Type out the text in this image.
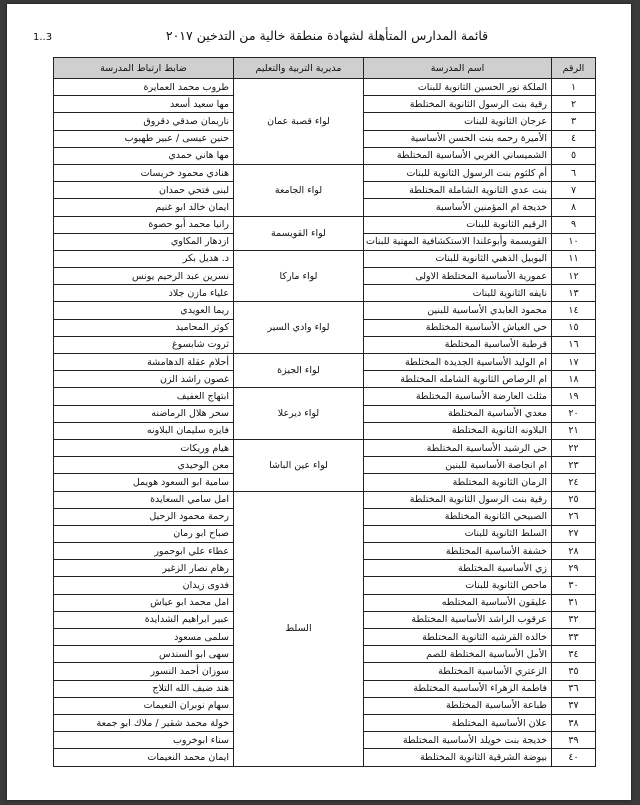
قائمة المدارس المتأهلة لشهادة منطقة خالية من التدخين ٢٠١٧
1..3
الرقم	اسم المدرسة	مديرية التربية والتعليم	ضابط ارتباط المدرسة
١	الملكة نور الحسين الثانوية للبنات	لواء قصبة عمان	طروب محمد العمايرة
٢	رقية بنت الرسول الثانوية المختلطة		مها سعيد أسعد
٣	عرجان الثانوية للبنات		ناريمان صدقي دقروق
٤	الأميرة رحمه بنت الحسن الأساسية		حنين عيسى / عبير طهبوب
٥	الشميساني الغربي الأساسية المختلطة		مها هاني حمدي
٦	أم كلثوم بنت الرسول الثانوية للبنات	لواء الجامعة	هنادي محمود خريسات
٧	بنت عدي الثانوية الشاملة المختلطة		لبنى فتحي حمدان
٨	خديجة ام المؤمنين الأساسية		ايمان خالد ابو غنيم
٩	الرقيم الثانوية للبنات	لواء القويسمة	رانيا محمد أبو حصوة
١٠	القويسمة وأبوعلندا الاستكشافية المهنية للبنات		ازدهار المكاوي
١١	اليوبيل الذهبي الثانوية للبنات	لواء ماركا	د. هديل بكر
١٢	عمورية الأساسية المختلطة الاولى		نسرين عبد الرحيم يونس
١٣	نايفه الثانوية للبنات		علياء مازن جلاد
١٤	محمود العابدي الأساسية للبنين	لواء وادي السير	ريما العويدي
١٥	حي العياش الأساسية المختلطة		كوثر المحاميد
١٦	قرطبة الأساسية المختلطة		ثروت شابسوغ
١٧	ام الوليد الأساسية الجديدة المختلطة	لواء الجيزة	أحلام عقلة الدهامشة
١٨	ام الرصاص الثانوية الشامله المختلطة		غصون راشد الزن
١٩	مثلث العارضة الأساسية المختلطة	لواء ديرعلا	ابتهاج العفيف
٢٠	معدي الأساسية المختلطة		سحر هلال الرماضنه
٢١	البلاونه الثانوية المختلطة		فايزه سليمان البلاونه
٢٢	حي الرشيد الأساسية المختلطة	لواء عين الباشا	هيام وريكات
٢٣	ام انجاصة الأساسية للبنين		معن الوحيدي
٢٤	الرمان الثانوية المختلطة		سامية ابو السعود هويمل
٢٥	رقية بنت الرسول الثانوية المختلطة	السلط	امل سامي السعايدة
٢٦	الصبيحي الثانوية المختلطة		رحمة محمود الرحيل
٢٧	السلط الثانوية للبنات		صباح ابو رمان
٢٨	خشفة الأساسية المختلطة		عطاء علي ابوحمور
٢٩	زي الأساسية المختلطة		رهام نصار الزغير
٣٠	ماحص الثانوية للبنات		فدوى زيدان
٣١	عليقون الأساسية المختلطه		امل محمد ابو عياش
٣٢	عرقوب الراشد الأساسية المختلطة		عبير ابراهيم الشدايدة
٣٣	خالده القرشيه الثانوية المختلطة		سلمى مسعود
٣٤	الأمل الأساسية المختلطة للصم		سهى ابو السندس
٣٥	الزعتري الأساسية المختلطة		سوزان أحمد النسور
٣٦	فاطمة الزهراء الأساسية المختلطة		هند ضيف الله التلاج
٣٧	طباعة الأساسية المختلطة		سهام نوبران النعيمات
٣٨	علان الأساسية المختلطة		خولة محمد شقير / ملاك ابو جمعة
٣٩	خديجة بنت خويلد الأساسية المختلطة		سناء ابوخروب
٤٠	بيوضة الشرقية الثانوية المختلطة		ايمان محمد النعيمات
